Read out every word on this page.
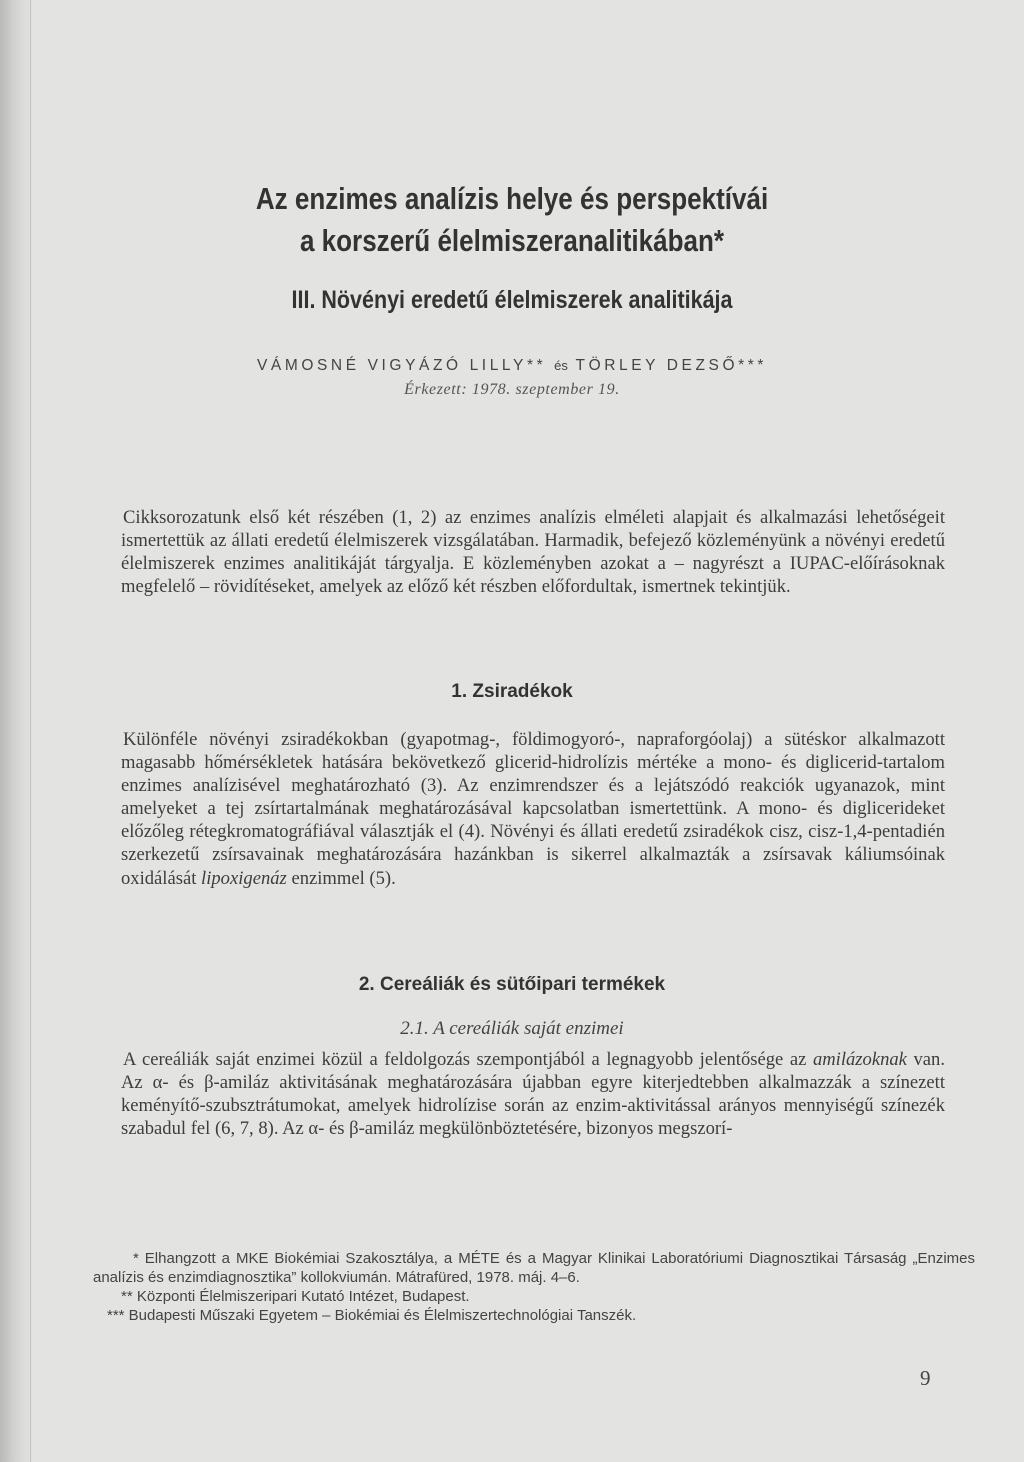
Az enzimes analízis helye és perspektívái
a korszerű élelmiszeranalitikában*
III. Növényi eredetű élelmiszerek analitikája
VÁMOSNÉ VIGYÁZÓ LILLY** és TÖRLEY DEZSŐ***
Érkezett: 1978. szeptember 19.
Cikksorozatunk első két részében (1, 2) az enzimes analízis elméleti alapjait és alkalmazási lehetőségeit ismertettük az állati eredetű élelmiszerek vizsgálatában. Harmadik, befejező közleményünk a növényi eredetű élelmiszerek enzimes analitikáját tárgyalja. E közleményben azokat a – nagyrészt a IUPAC-előírásoknak megfelelő – rövidítéseket, amelyek az előző két részben előfordultak, ismertnek tekintjük.
1. Zsiradékok
Különféle növényi zsiradékokban (gyapotmag-, földimogyoró-, napraforgóolaj) a sütéskor alkalmazott magasabb hőmérsékletek hatására bekövetkező glicerid-hidrolízis mértéke a mono- és diglicerid-tartalom enzimes analízisével meghatározható (3). Az enzimrendszer és a lejátszódó reakciók ugyanazok, mint amelyeket a tej zsírtartalmának meghatározásával kapcsolatban ismertettünk. A mono- és diglicerideket előzőleg rétegkromatográfiával választják el (4). Növényi és állati eredetű zsiradékok cisz, cisz-1,4-pentadién szerkezetű zsírsavainak meghatározására hazánkban is sikerrel alkalmazták a zsírsavak káliumsóinak oxidálását lipoxigenáz enzimmel (5).
2. Cereáliák és sütőipari termékek
2.1. A cereáliák saját enzimei
A cereáliák saját enzimei közül a feldolgozás szempontjából a legnagyobb jelentősége az amilázoknak van. Az α- és β-amiláz aktivitásának meghatározására újabban egyre kiterjedtebben alkalmazzák a színezett keményítő-szubsztrátumokat, amelyek hidrolízise során az enzim-aktivitással arányos mennyiségű színezék szabadul fel (6, 7, 8). Az α- és β-amiláz megkülönböztetésére, bizonyos megszorí-

* Elhangzott a MKE Biokémiai Szakosztálya, a MÉTE és a Magyar Klinikai Laboratóriumi Diagnosztikai Társaság „Enzimes analízis és enzimdiagnosztika” kollokviumán. Mátrafüred, 1978. máj. 4–6.

** Központi Élelmiszeripari Kutató Intézet, Budapest.

*** Budapesti Műszaki Egyetem – Biokémiai és Élelmiszertechnológiai Tanszék.

9
